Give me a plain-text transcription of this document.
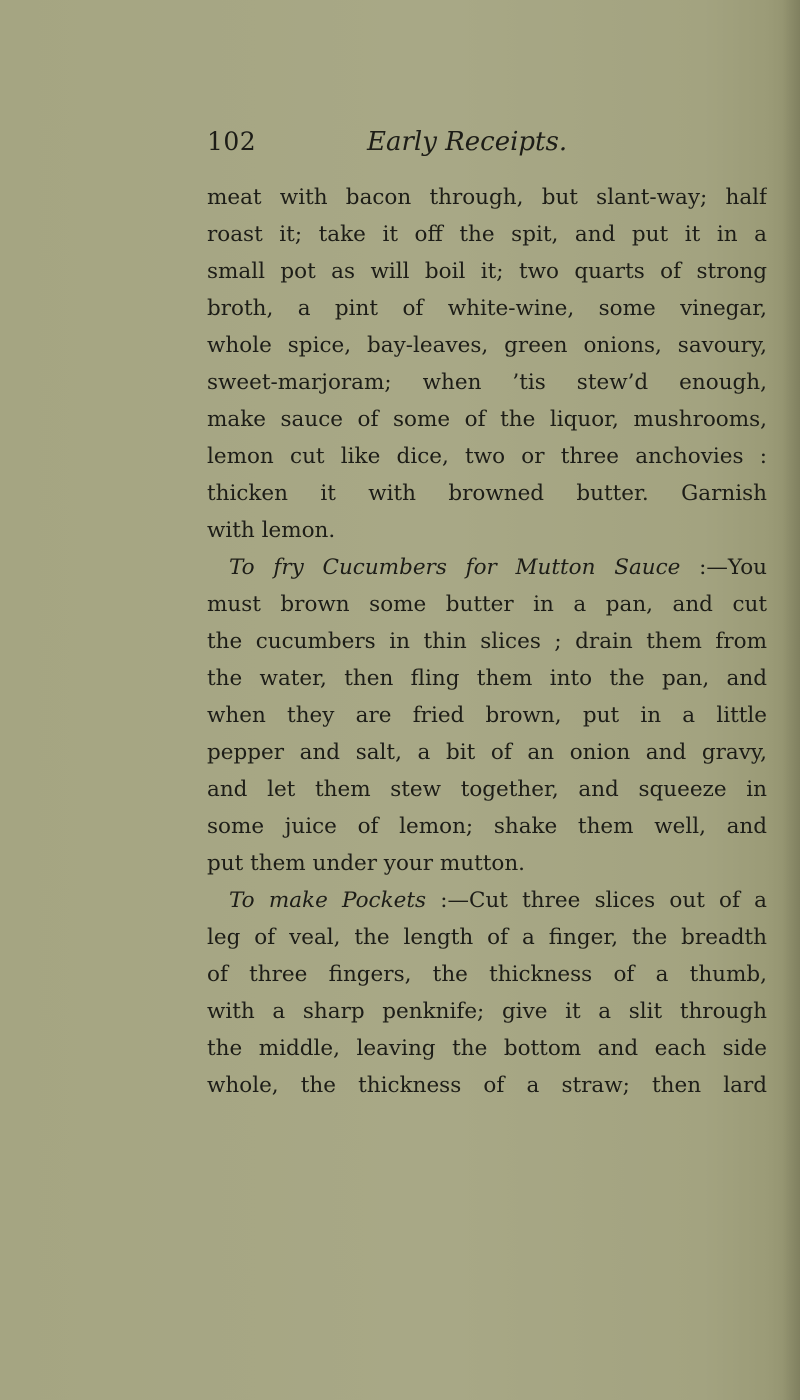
102	Early Receipts.
meat with bacon through, but slant-way; half
roast it; take it off the spit, and put it in a
small pot as will boil it; two quarts of strong
broth, a pint of white-wine, some vinegar,
whole spice, bay-leaves, green onions, savoury,
sweet-marjoram; when ’tis stew’d enough,
make sauce of some of the liquor, mushrooms,
lemon cut like dice, two or three anchovies :
thicken it with browned butter. Garnish
with lemon.
To fry Cucumbers for Mutton Sauce :—You
must brown some butter in a pan, and cut
the cucumbers in thin slices ; drain them from
the water, then fling them into the pan, and
when they are fried brown, put in a little
pepper and salt, a bit of an onion and gravy,
and let them stew together, and squeeze in
some juice of lemon; shake them well, and
put them under your mutton.
To make Pockets :—Cut three slices out of a
leg of veal, the length of a finger, the breadth
of three fingers, the thickness of a thumb,
with a sharp penknife; give it a slit through
the middle, leaving the bottom and each side
whole, the thickness of a straw; then lard
